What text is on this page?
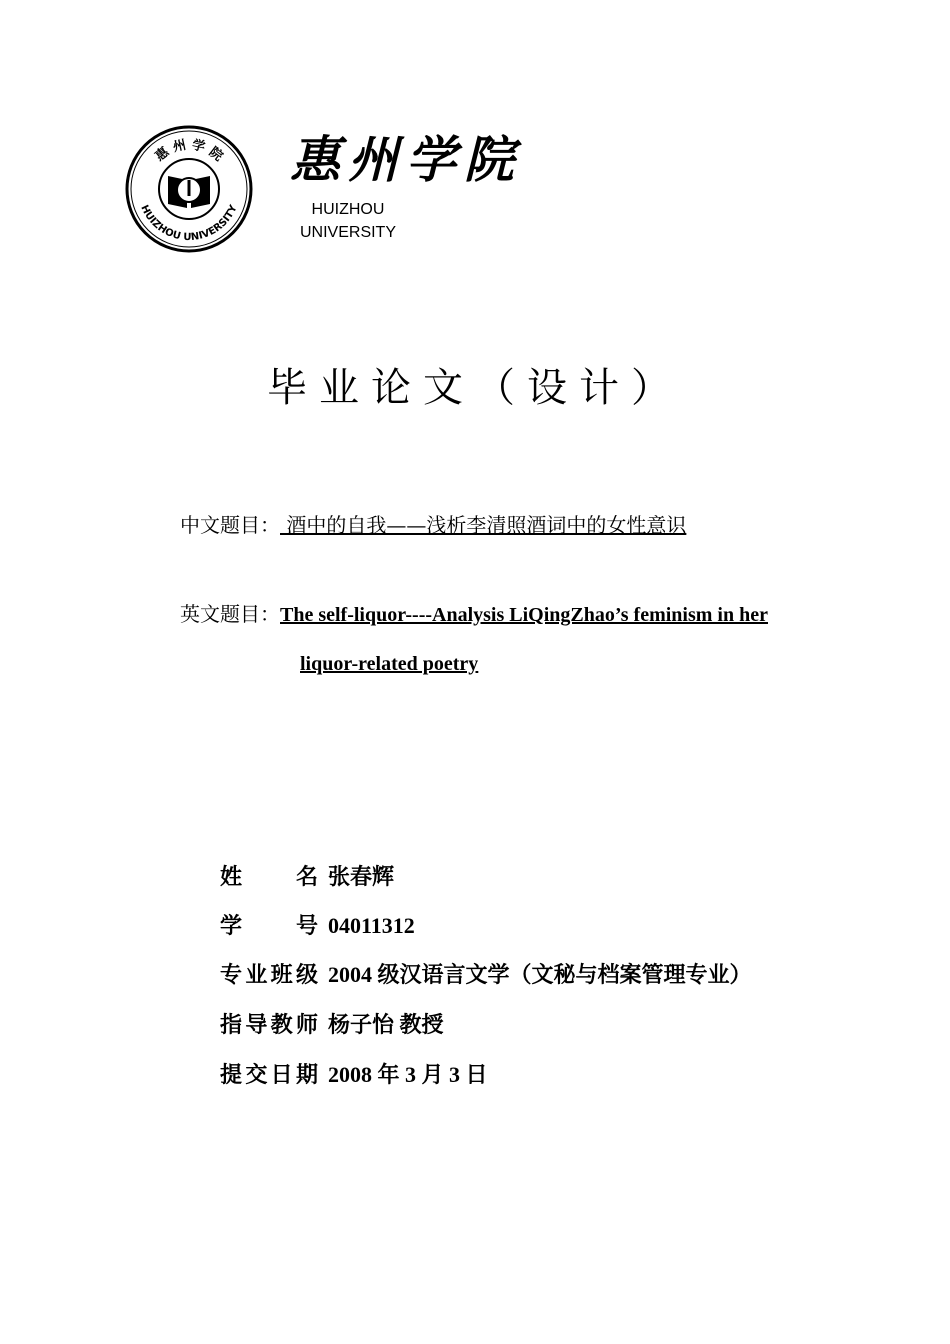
惠 州 学 院
HUIZHOU UNIVERSITY
惠州学院
HUIZHOU UNIVERSITY
毕业论文（设计）
中文题目： 酒中的自我——浅析李清照酒词中的女性意识
英文题目：The self-liquor----Analysis LiQingZhao’s feminism in her
liquor-related poetry
姓名 张春辉
学号 04011312
专业班级 2004 级汉语言文学（文秘与档案管理专业）
指导教师 杨子怡 教授
提交日期 2008 年 3 月 3 日
